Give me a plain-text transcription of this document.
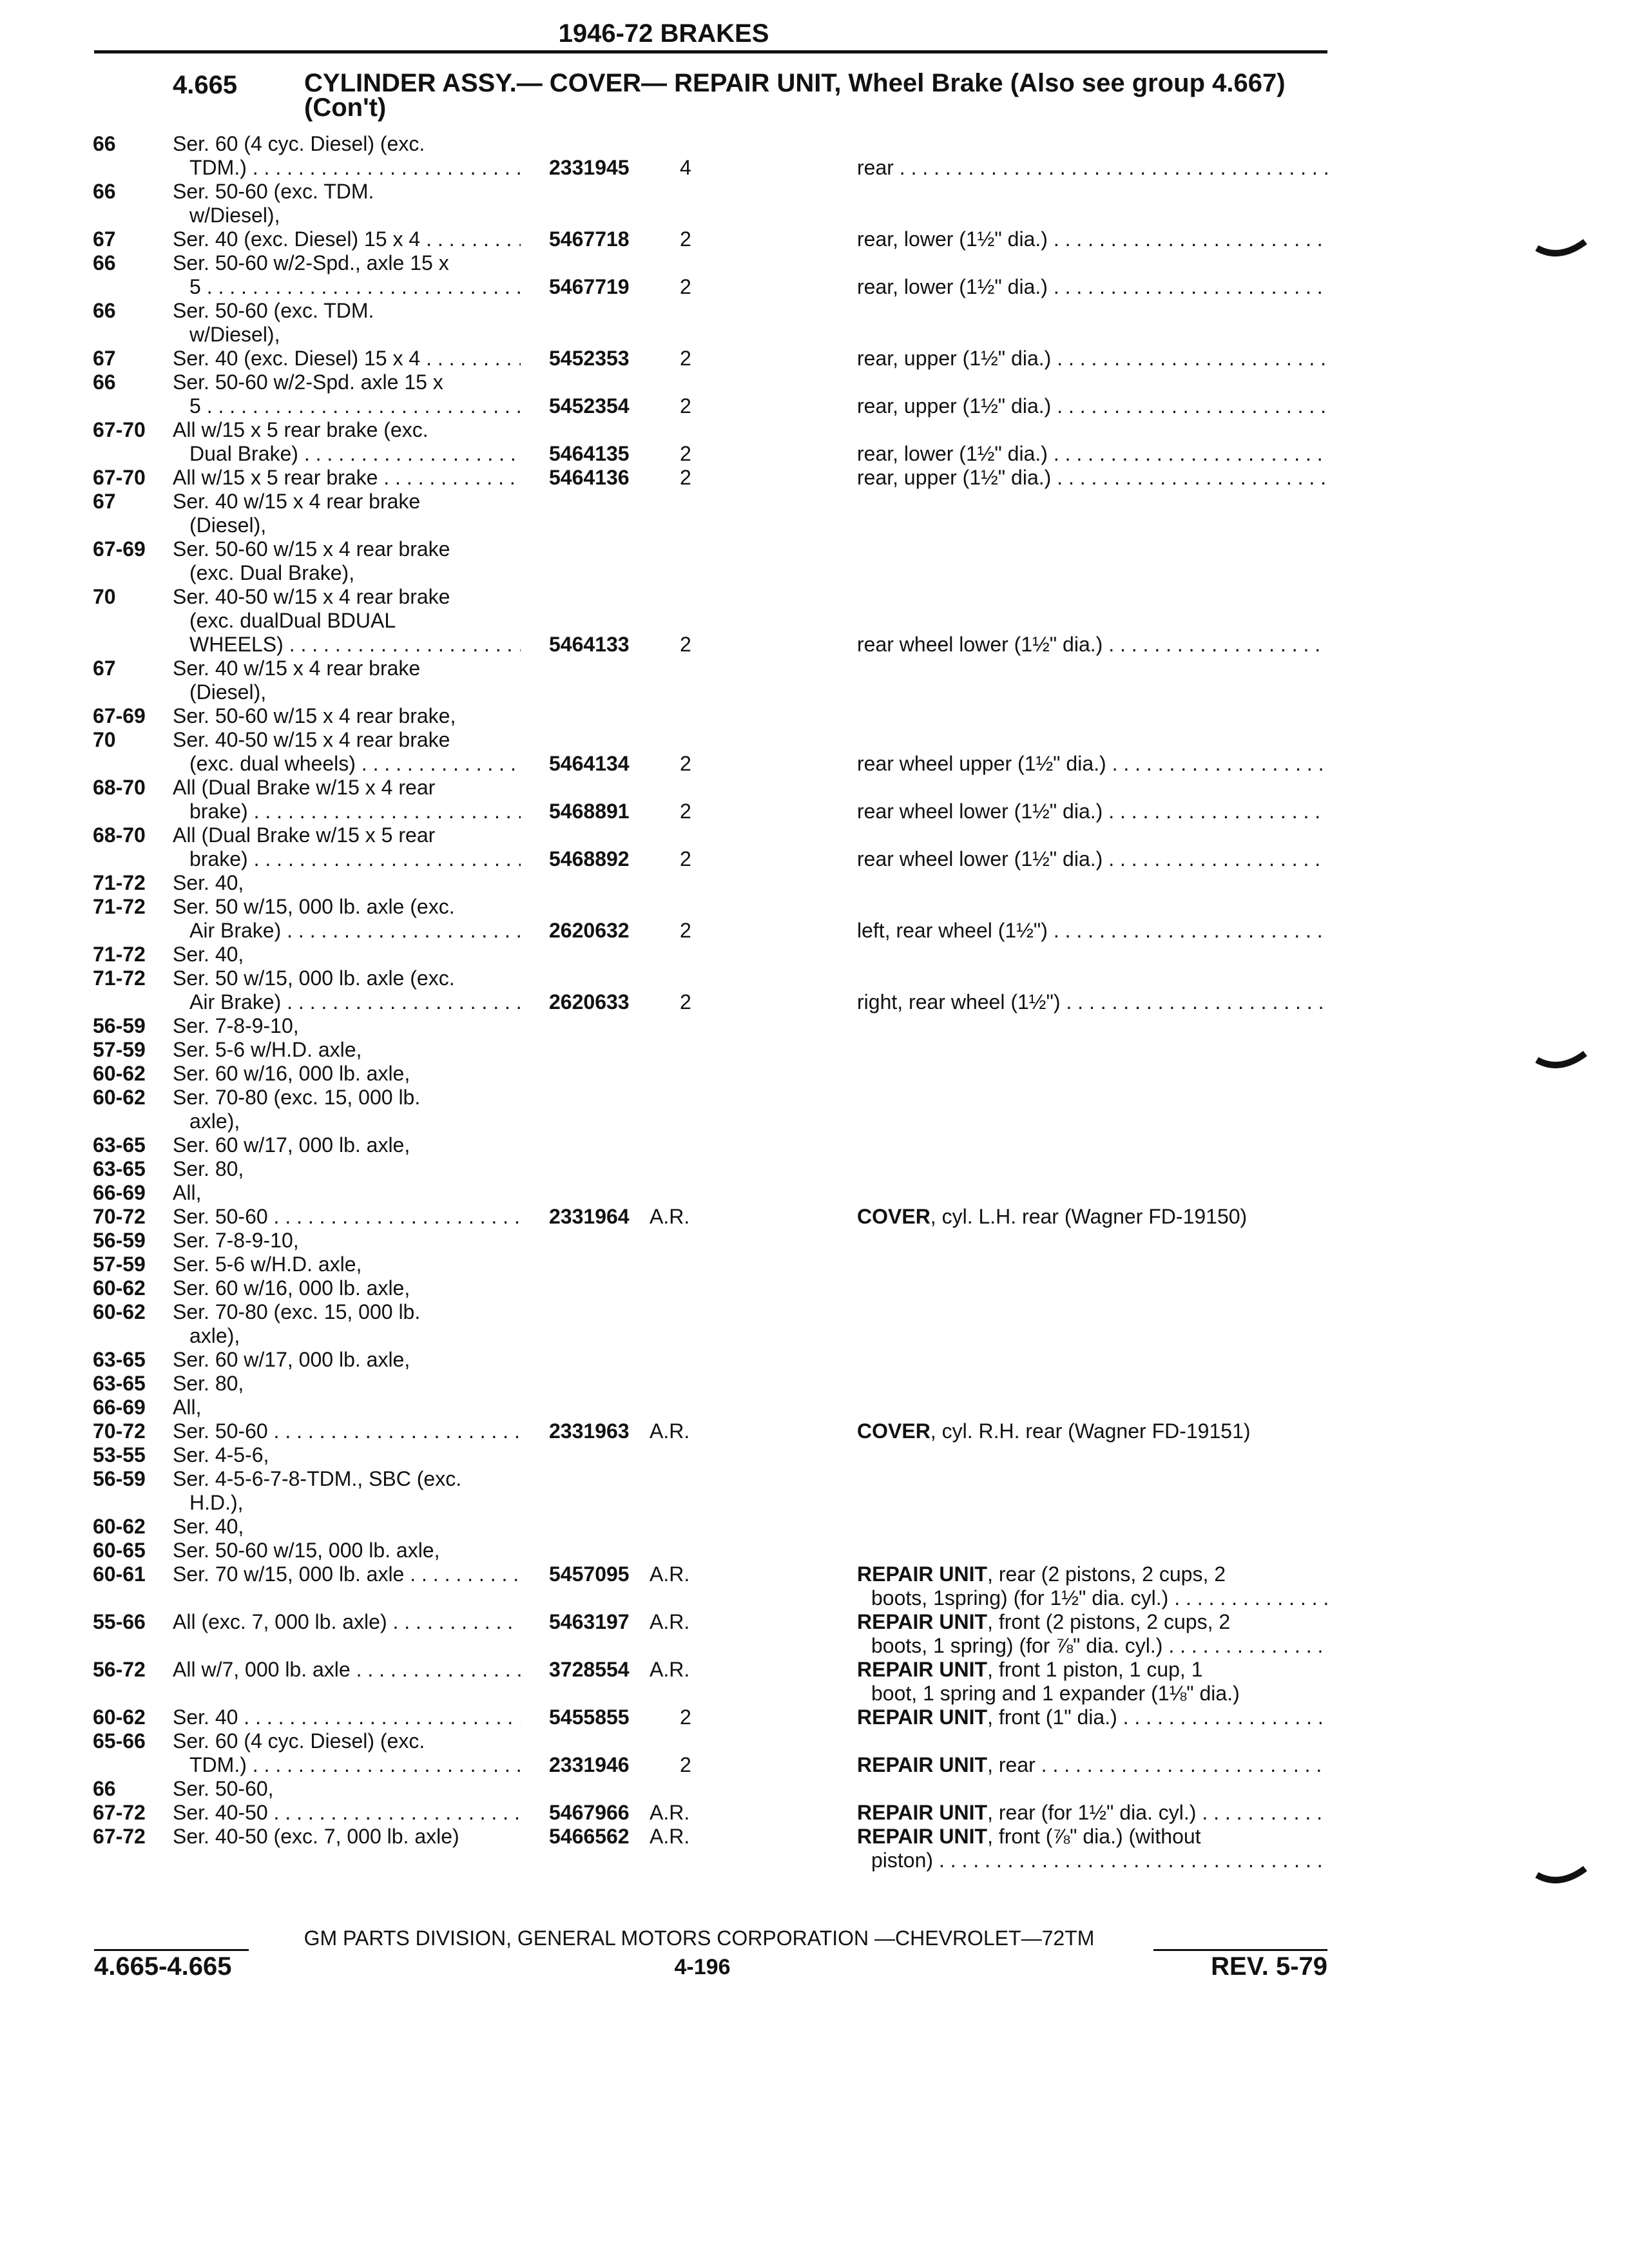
1946-72 BRAKES
4.665	CYLINDER ASSY.— COVER— REPAIR UNIT, Wheel Brake (Also see group 4.667) (Con't)
66	Ser. 60 (4 cyc. Diesel) (exc.
TDM.) . . .	2331945	4	rear . . .
66	Ser. 50-60 (exc. TDM.
w/Diesel),
67	Ser. 40 (exc. Diesel) 15 x 4 . . .	5467718	2	rear, lower (1½" dia.) . . .
66	Ser. 50-60 w/2-Spd., axle 15 x
5 . . .	5467719	2	rear, lower (1½" dia.) . . .
66	Ser. 50-60 (exc. TDM.
w/Diesel),
67	Ser. 40 (exc. Diesel) 15 x 4 . . .	5452353	2	rear, upper (1½" dia.) . . .
66	Ser. 50-60 w/2-Spd. axle 15 x
5 . . .	5452354	2	rear, upper (1½" dia.) . . .
67-70 All w/15 x 5 rear brake (exc.
Dual Brake) . . .	5464135	2	rear, lower (1½" dia.) . . .
67-70 All w/15 x 5 rear brake . . .	5464136	2	rear, upper (1½" dia.) . . .
67	Ser. 40 w/15 x 4 rear brake
(Diesel),
67-69 Ser. 50-60 w/15 x 4 rear brake
(exc. Dual Brake),
70	Ser. 40-50 w/15 x 4 rear brake
(exc. dualDual BDUAL
WHEELS) . . .	5464133	2	rear wheel lower (1½" dia.) . . .
67	Ser. 40 w/15 x 4 rear brake
(Diesel),
67-69 Ser. 50-60 w/15 x 4 rear brake,
70	Ser. 40-50 w/15 x 4 rear brake
(exc. dual wheels) . . .	5464134	2	rear wheel upper (1½" dia.) . . .
68-70 All (Dual Brake w/15 x 4 rear
brake) . . .	5468891	2	rear wheel lower (1½" dia.) . . .
68-70 All (Dual Brake w/15 x 5 rear
brake) . . .	5468892	2	rear wheel lower (1½" dia.) . . .
71-72 Ser. 40,
71-72 Ser. 50 w/15, 000 lb. axle (exc.
Air Brake) . . .	2620632	2	left, rear wheel (1½") . . .
71-72 Ser. 40,
71-72 Ser. 50 w/15, 000 lb. axle (exc.
Air Brake) . . .	2620633	2	right, rear wheel (1½") . . .
56-59 Ser. 7-8-9-10,
57-59 Ser. 5-6 w/H.D. axle,
60-62 Ser. 60 w/16, 000 lb. axle,
60-62 Ser. 70-80 (exc. 15, 000 lb.
axle),
63-65 Ser. 60 w/17, 000 lb. axle,
63-65 Ser. 80,
66-69 All,
70-72 Ser. 50-60 . . .	2331964 A.R.	COVER, cyl. L.H. rear (Wagner FD-19150)
56-59 Ser. 7-8-9-10,
57-59 Ser. 5-6 w/H.D. axle,
60-62 Ser. 60 w/16, 000 lb. axle,
60-62 Ser. 70-80 (exc. 15, 000 lb.
axle),
63-65 Ser. 60 w/17, 000 lb. axle,
63-65 Ser. 80,
66-69 All,
70-72 Ser. 50-60 . . .	2331963 A.R.	COVER, cyl. R.H. rear (Wagner FD-19151)
53-55 Ser. 4-5-6,
56-59 Ser. 4-5-6-7-8-TDM., SBC (exc.
H.D.),
60-62 Ser. 40,
60-65 Ser. 50-60 w/15, 000 lb. axle,
60-61 Ser. 70 w/15, 000 lb. axle . . .	5457095 A.R.	REPAIR UNIT, rear (2 pistons, 2 cups, 2
boots, 1spring) (for 1½" dia. cyl.) . . .
55-66 All (exc. 7, 000 lb. axle) . . .	5463197 A.R.	REPAIR UNIT, front (2 pistons, 2 cups, 2
boots, 1 spring) (for ⅞" dia. cyl.) . . .
56-72 All w/7, 000 lb. axle . . .	3728554 A.R.	REPAIR UNIT, front 1 piston, 1 cup, 1
boot, 1 spring and 1 expander (1⅛" dia.)
60-62 Ser. 40 . . .	5455855	2	REPAIR UNIT, front (1" dia.) . . .
65-66 Ser. 60 (4 cyc. Diesel) (exc.
TDM.) . . .	2331946	2	REPAIR UNIT, rear . . .
66	Ser. 50-60,
67-72 Ser. 40-50 . . .	5467966 A.R.	REPAIR UNIT, rear (for 1½" dia. cyl.) . . .
67-72 Ser. 40-50 (exc. 7, 000 lb. axle)	5466562 A.R.	REPAIR UNIT, front (⅞" dia.) (without
piston) . . .
GM PARTS DIVISION, GENERAL MOTORS CORPORATION —CHEVROLET—72TM
4.665-4.665	4-196	REV. 5-79
